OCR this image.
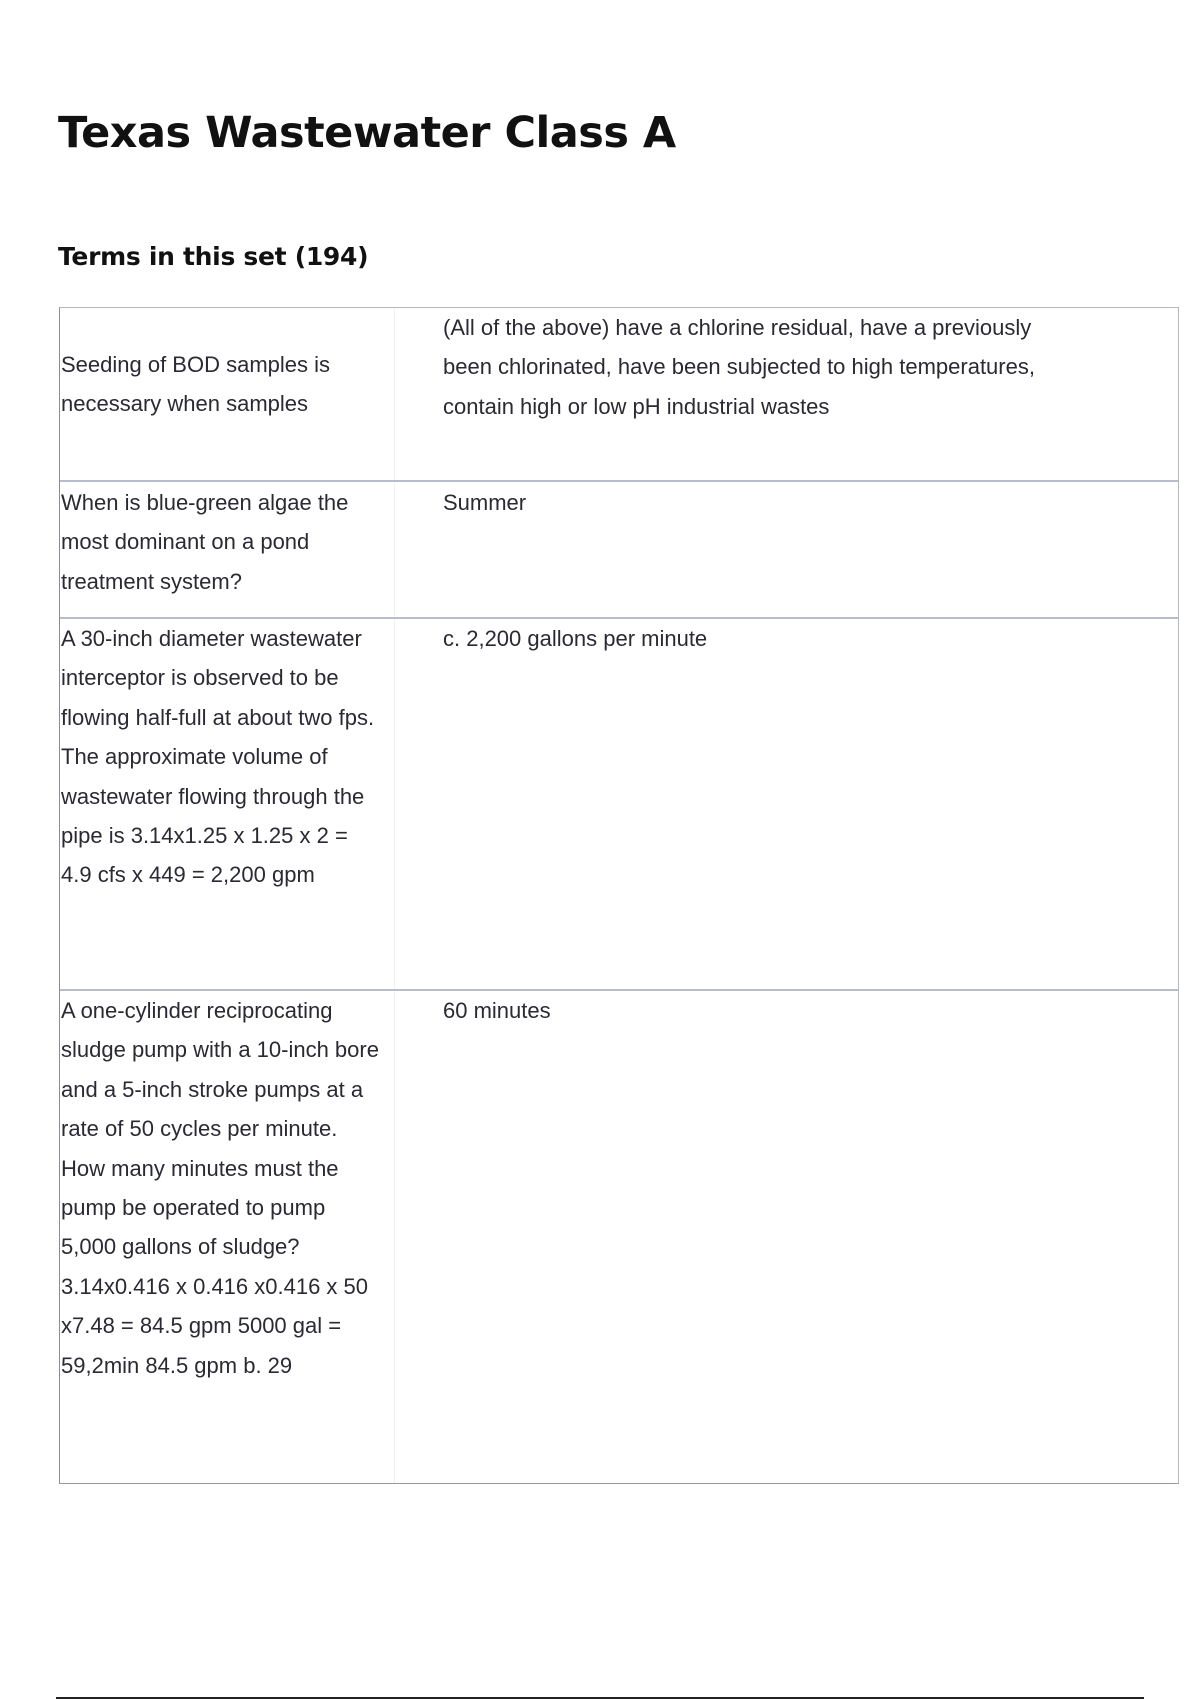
Texas Wastewater Class A
Terms in this set (194)
Seeding of BOD samples is necessary when samples
(All of the above) have a chlorine residual, have a previously been chlorinated, have been subjected to high temperatures, contain high or low pH industrial wastes
When is blue-green algae the most dominant on a pond treatment system?
Summer
A 30-inch diameter wastewater interceptor is observed to be flowing half-full at about two fps. The approximate volume of wastewater flowing through the pipe is 3.14x1.25 x 1.25 x 2 = 4.9 cfs x 449 = 2,200 gpm
c. 2,200 gallons per minute
A one-cylinder reciprocating sludge pump with a 10-inch bore and a 5-inch stroke pumps at a rate of 50 cycles per minute. How many minutes must the pump be operated to pump 5,000 gallons of sludge? 3.14x0.416 x 0.416 x0.416 x 50 x7.48 = 84.5 gpm 5000 gal = 59,2min 84.5 gpm b. 29
60 minutes
